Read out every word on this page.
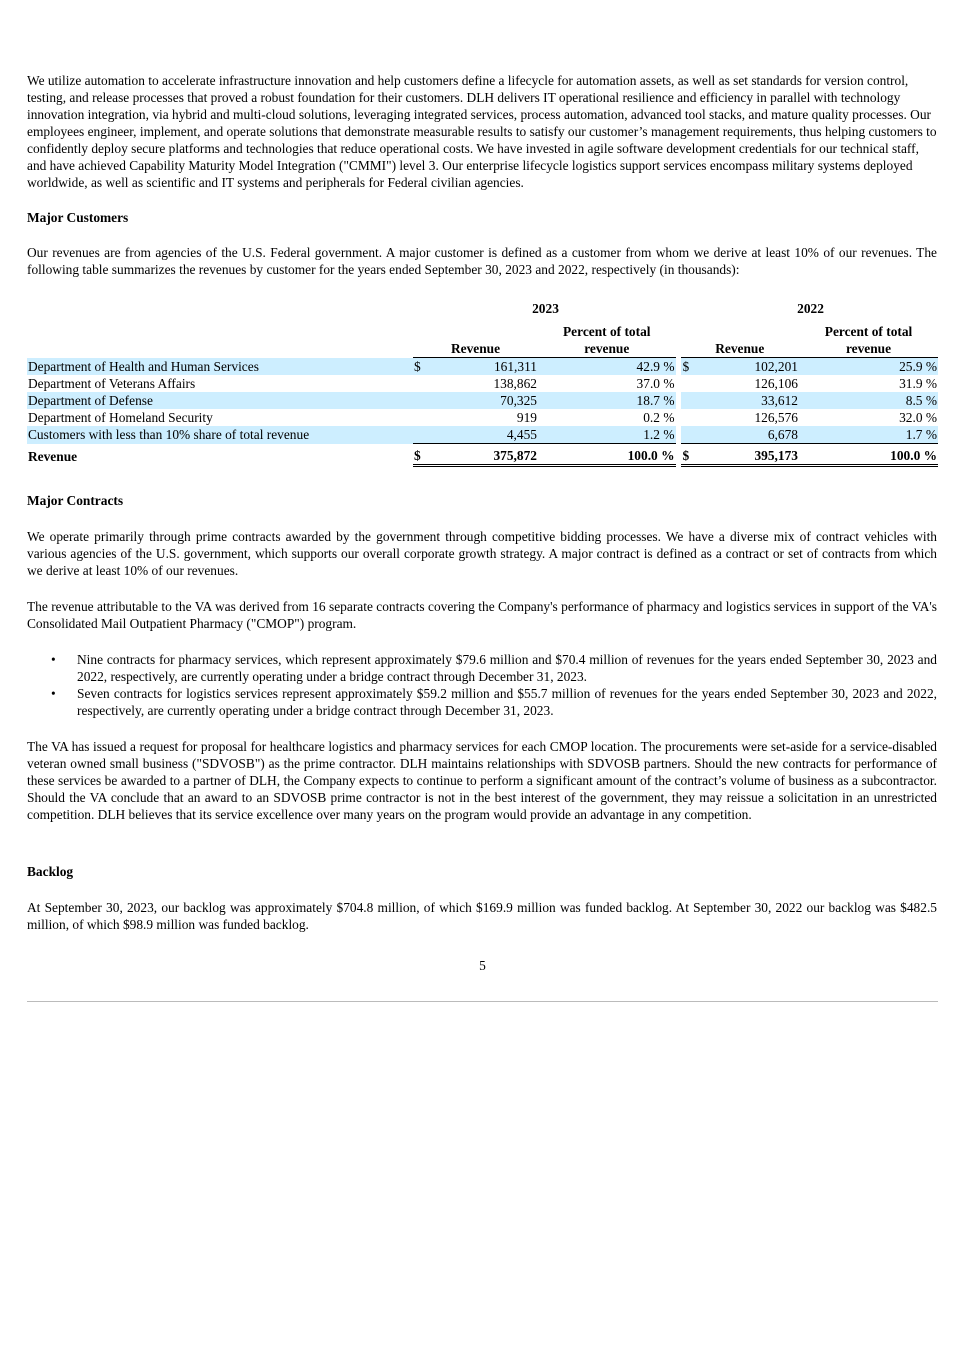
We utilize automation to accelerate infrastructure innovation and help customers define a lifecycle for automation assets, as well as set standards for version control, testing, and release processes that proved a robust foundation for their customers. DLH delivers IT operational resilience and efficiency in parallel with technology innovation integration, via hybrid and multi-cloud solutions, leveraging integrated services, process automation, advanced tool stacks, and mature quality processes. Our employees engineer, implement, and operate solutions that demonstrate measurable results to satisfy our customer’s management requirements, thus helping customers to confidently deploy secure platforms and technologies that reduce operational costs. We have invested in agile software development credentials for our technical staff, and have achieved Capability Maturity Model Integration ("CMMI") level 3. Our enterprise lifecycle logistics support services encompass military systems deployed worldwide, as well as scientific and IT systems and peripherals for Federal civilian agencies.

Major Customers

Our revenues are from agencies of the U.S. Federal government. A major customer is defined as a customer from whom we derive at least 10% of our revenues. The following table summarizes the revenues by customer for the years ended September 30, 2023 and 2022, respectively (in thousands):

	2023			2022		
	Revenue		Percent of total revenue	Revenue		Percent of total revenue
Department of Health and Human Services	$	161,311	42.9 %	$	102,201	25.9 %
Department of Veterans Affairs		138,862	37.0 %		126,106	31.9 %
Department of Defense		70,325	18.7 %		33,612	8.5 %
Department of Homeland Security		919	0.2 %		126,576	32.0 %
Customers with less than 10% share of total revenue		4,455	1.2 %		6,678	1.7 %
Revenue	$	375,872	100.0 %	$	395,173	100.0 %
Major Contracts

We operate primarily through prime contracts awarded by the government through competitive bidding processes. We have a diverse mix of contract vehicles with various agencies of the U.S. government, which supports our overall corporate growth strategy. A major contract is defined as a contract or set of contracts from which we derive at least 10% of our revenues.

The revenue attributable to the VA was derived from 16 separate contracts covering the Company's performance of pharmacy and logistics services in support of the VA's Consolidated Mail Outpatient Pharmacy ("CMOP") program.

• Nine contracts for pharmacy services, which represent approximately $79.6 million and $70.4 million of revenues for the years ended September 30, 2023 and 2022, respectively, are currently operating under a bridge contract through December 31, 2023.
• Seven contracts for logistics services represent approximately $59.2 million and $55.7 million of revenues for the years ended September 30, 2023 and 2022, respectively, are currently operating under a bridge contract through December 31, 2023.

The VA has issued a request for proposal for healthcare logistics and pharmacy services for each CMOP location. The procurements were set-aside for a service-disabled veteran owned small business ("SDVOSB") as the prime contractor. DLH maintains relationships with SDVOSB partners. Should the new contracts for performance of these services be awarded to a partner of DLH, the Company expects to continue to perform a significant amount of the contract’s volume of business as a subcontractor. Should the VA conclude that an award to an SDVOSB prime contractor is not in the best interest of the government, they may reissue a solicitation in an unrestricted competition. DLH believes that its service excellence over many years on the program would provide an advantage in any competition.

Backlog

At September 30, 2023, our backlog was approximately $704.8 million, of which $169.9 million was funded backlog. At September 30, 2022 our backlog was $482.5 million, of which $98.9 million was funded backlog.

5
